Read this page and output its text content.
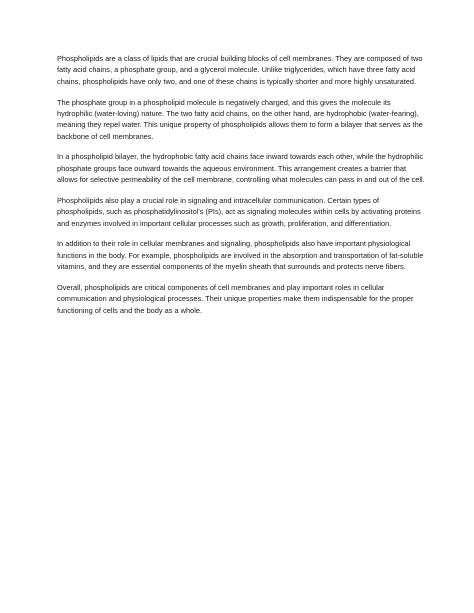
Phospholipids are a class of lipids that are crucial building blocks of cell membranes. They are composed of two fatty acid chains, a phosphate group, and a glycerol molecule. Unlike triglycerides, which have three fatty acid chains, phospholipids have only two, and one of these chains is typically shorter and more highly unsaturated.

The phosphate group in a phospholipid molecule is negatively charged, and this gives the molecule its hydrophilic (water-loving) nature. The two fatty acid chains, on the other hand, are hydrophobic (water-fearing), meaning they repel water. This unique property of phospholipids allows them to form a bilayer that serves as the backbone of cell membranes.

In a phospholipid bilayer, the hydrophobic fatty acid chains face inward towards each other, while the hydrophilic phosphate groups face outward towards the aqueous environment. This arrangement creates a barrier that allows for selective permeability of the cell membrane, controlling what molecules can pass in and out of the cell.

Phospholipids also play a crucial role in signaling and intracellular communication. Certain types of phospholipids, such as phosphatidylinositol's (PIs), act as signaling molecules within cells by activating proteins and enzymes involved in important cellular processes such as growth, proliferation, and differentiation.

In addition to their role in cellular membranes and signaling, phospholipids also have important physiological functions in the body. For example, phospholipids are involved in the absorption and transportation of fat-soluble vitamins, and they are essential components of the myelin sheath that surrounds and protects nerve fibers.

Overall, phospholipids are critical components of cell membranes and play important roles in cellular communication and physiological processes. Their unique properties make them indispensable for the proper functioning of cells and the body as a whole.
